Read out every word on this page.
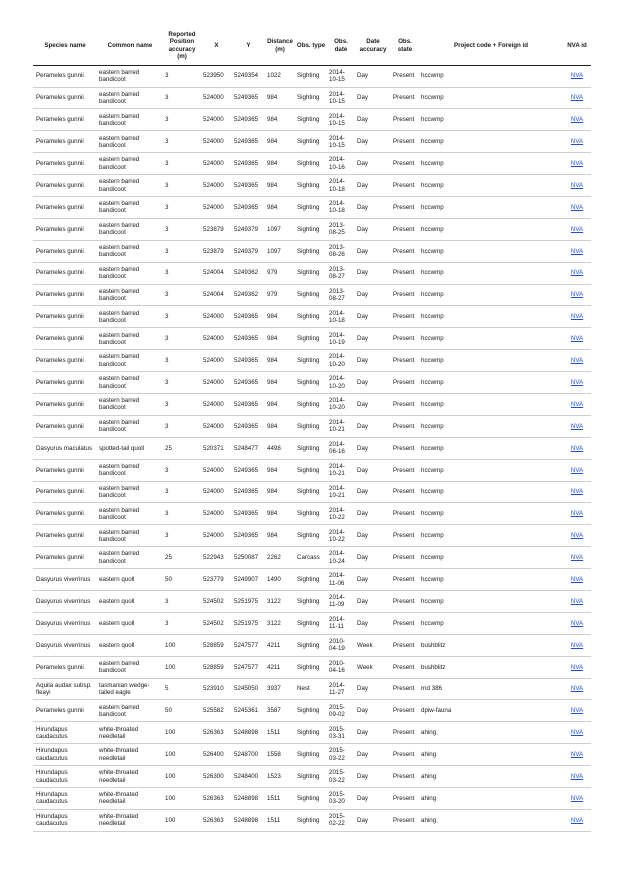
Species name	Common name	Reported Position accuracy (m)	X	Y	Distance (m)	Obs. type	Obs. date	Date accuracy	Obs. state	Project code + Foreign id	NVA id
Perameles gunnii	eastern barred bandicoot	3	523950	5249354	1022	Sighting	2014-10-15	Day	Present	hccwmp	NVA
Perameles gunnii	eastern barred bandicoot	3	524000	5249365	984	Sighting	2014-10-15	Day	Present	hccwmp	NVA
Perameles gunnii	eastern barred bandicoot	3	524000	5249365	984	Sighting	2014-10-15	Day	Present	hccwmp	NVA
Perameles gunnii	eastern barred bandicoot	3	524000	5249365	984	Sighting	2014-10-15	Day	Present	hccwmp	NVA
Perameles gunnii	eastern barred bandicoot	3	524000	5249365	984	Sighting	2014-10-16	Day	Present	hccwmp	NVA
Perameles gunnii	eastern barred bandicoot	3	524000	5249365	984	Sighting	2014-10-18	Day	Present	hccwmp	NVA
Perameles gunnii	eastern barred bandicoot	3	524000	5249365	984	Sighting	2014-10-18	Day	Present	hccwmp	NVA
Perameles gunnii	eastern barred bandicoot	3	523879	5249379	1097	Sighting	2013-08-25	Day	Present	hccwmp	NVA
Perameles gunnii	eastern barred bandicoot	3	523879	5249379	1097	Sighting	2013-08-26	Day	Present	hccwmp	NVA
Perameles gunnii	eastern barred bandicoot	3	524004	5249362	979	Sighting	2013-08-27	Day	Present	hccwmp	NVA
Perameles gunnii	eastern barred bandicoot	3	524004	5249362	979	Sighting	2013-08-27	Day	Present	hccwmp	NVA
Perameles gunnii	eastern barred bandicoot	3	524000	5249365	984	Sighting	2014-10-18	Day	Present	hccwmp	NVA
Perameles gunnii	eastern barred bandicoot	3	524000	5249365	984	Sighting	2014-10-19	Day	Present	hccwmp	NVA
Perameles gunnii	eastern barred bandicoot	3	524000	5249365	984	Sighting	2014-10-20	Day	Present	hccwmp	NVA
Perameles gunnii	eastern barred bandicoot	3	524000	5249365	984	Sighting	2014-10-20	Day	Present	hccwmp	NVA
Perameles gunnii	eastern barred bandicoot	3	524000	5249365	984	Sighting	2014-10-20	Day	Present	hccwmp	NVA
Perameles gunnii	eastern barred bandicoot	3	524000	5249365	984	Sighting	2014-10-21	Day	Present	hccwmp	NVA
Dasyurus maculatus	spotted-tail quoll	25	520371	5248477	4498	Sighting	2014-06-16	Day	Present	hccwmp	NVA
Perameles gunnii	eastern barred bandicoot	3	524000	5249365	984	Sighting	2014-10-21	Day	Present	hccwmp	NVA
Perameles gunnii	eastern barred bandicoot	3	524000	5249365	984	Sighting	2014-10-21	Day	Present	hccwmp	NVA
Perameles gunnii	eastern barred bandicoot	3	524000	5249365	984	Sighting	2014-10-22	Day	Present	hccwmp	NVA
Perameles gunnii	eastern barred bandicoot	3	524000	5249365	984	Sighting	2014-10-22	Day	Present	hccwmp	NVA
Perameles gunnii	eastern barred bandicoot	25	522943	5250087	2262	Carcass	2014-10-24	Day	Present	hccwmp	NVA
Dasyurus viverrinus	eastern quoll	50	523779	5249907	1490	Sighting	2014-11-06	Day	Present	hccwmp	NVA
Dasyurus viverrinus	eastern quoll	3	524502	5251975	3122	Sighting	2014-11-09	Day	Present	hccwmp	NVA
Dasyurus viverrinus	eastern quoll	3	524502	5251975	3122	Sighting	2014-11-11	Day	Present	hccwmp	NVA
Dasyurus viverrinus	eastern quoll	100	528859	5247577	4211	Sighting	2010-04-19	Week	Present	bushblitz	NVA
Perameles gunnii	eastern barred bandicoot	100	528859	5247577	4211	Sighting	2010-04-16	Week	Present	bushblitz	NVA
Aquila audax subsp. fleayi	tasmanian wedge-tailed eagle	5	523910	5245050	3937	Nest	2014-11-27	Day	Present	rnd 386	NVA
Perameles gunnii	eastern barred bandicoot	50	525582	5245361	3587	Sighting	2015-09-02	Day	Present	dpiw-fauna	NVA
Hirundapus caudacutus	white-throated needletail	100	526363	5248898	1511	Sighting	2015-03-31	Day	Present	ahing	NVA
Hirundapus caudacutus	white-throated needletail	100	526400	5248700	1558	Sighting	2015-03-22	Day	Present	ahing	NVA
Hirundapus caudacutus	white-throated needletail	100	526300	5248400	1523	Sighting	2015-03-22	Day	Present	ahing	NVA
Hirundapus caudacutus	white-throated needletail	100	526363	5248898	1511	Sighting	2015-03-20	Day	Present	ahing	NVA
Hirundapus caudacutus	white-throated needletail	100	526363	5248898	1511	Sighting	2015-02-22	Day	Present	ahing	NVA
